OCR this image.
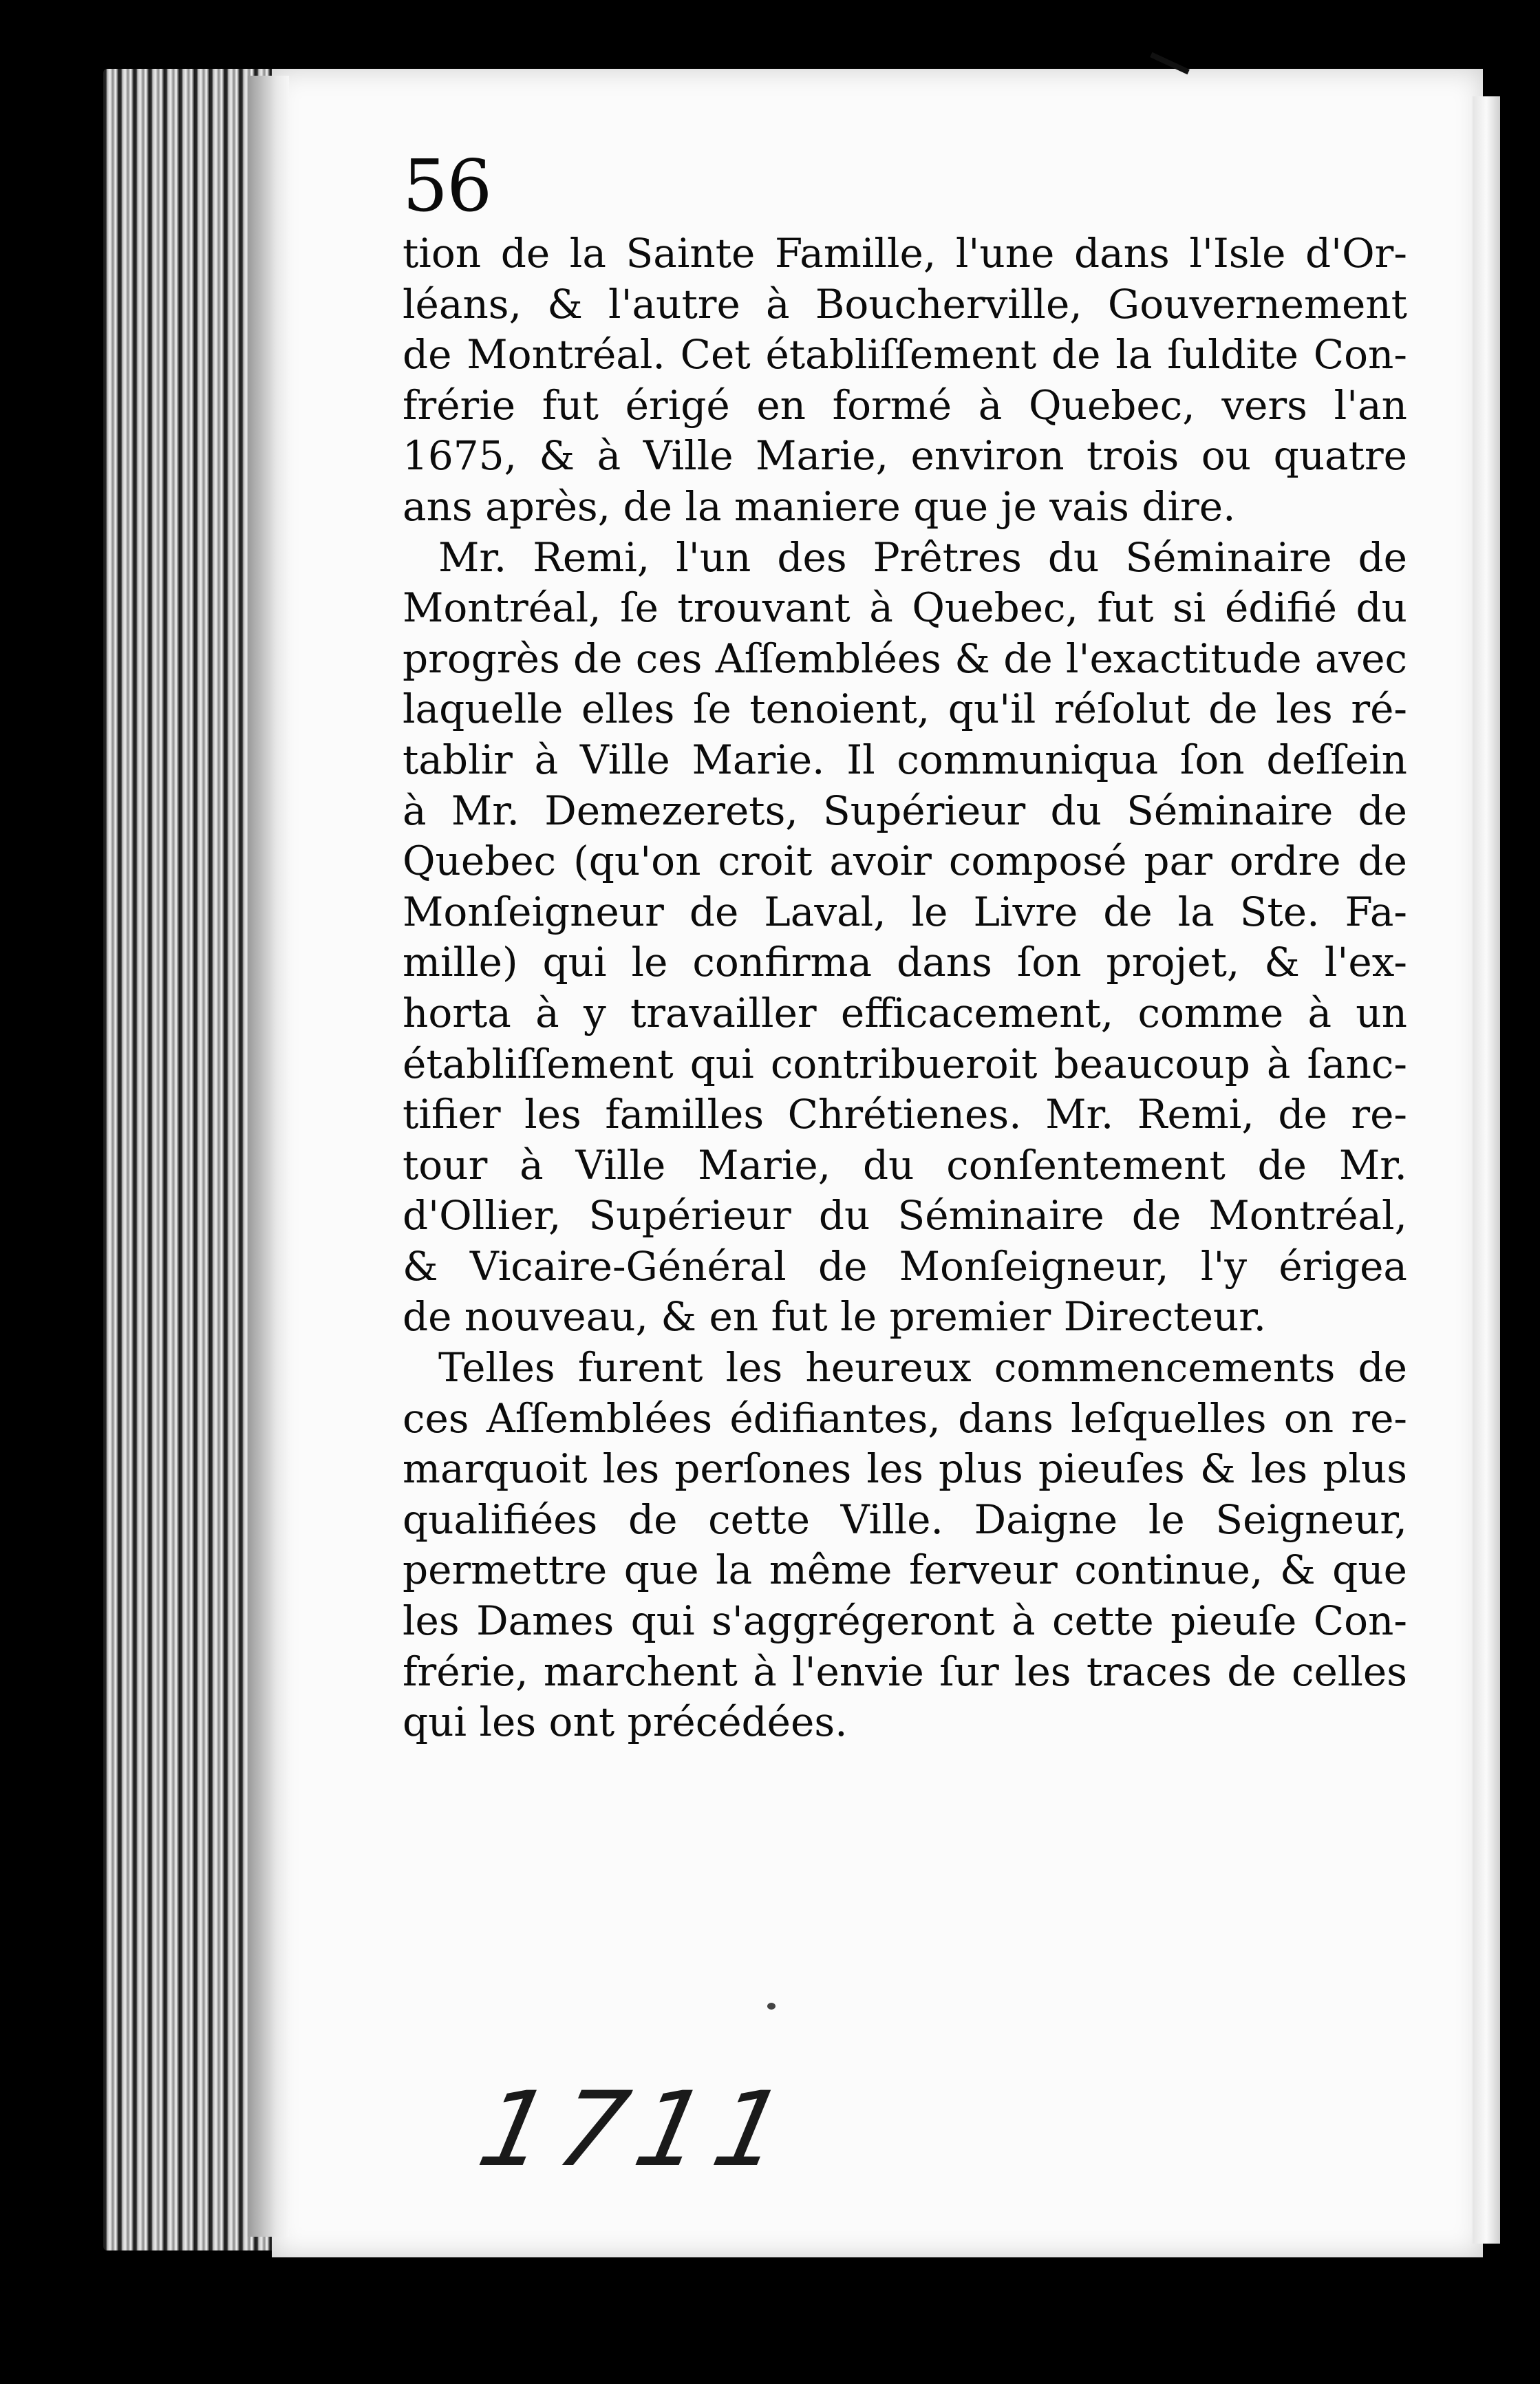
56
tion de la Sainte Famille, l'une dans l'Isle d'Or-
léans, & l'autre à Boucherville, Gouvernement
de Montréal. Cet établiſſement de la ſuldite Con-
frérie fut érigé en formé à Quebec, vers l'an
1675, & à Ville Marie, environ trois ou quatre
ans après, de la maniere que je vais dire.
Mr. Remi, l'un des Prêtres du Séminaire de
Montréal, ſe trouvant à Quebec, fut si édifié du
progrès de ces Aſſemblées & de l'exactitude avec
laquelle elles ſe tenoient, qu'il réſolut de les ré-
tablir à Ville Marie. Il communiqua ſon deſſein
à Mr. Demezerets, Supérieur du Séminaire de
Quebec (qu'on croit avoir composé par ordre de
Monſeigneur de Laval, le Livre de la Ste. Fa-
mille) qui le confirma dans ſon projet, & l'ex-
horta à y travailler efficacement, comme à un
établiſſement qui contribueroit beaucoup à ſanc-
tifier les familles Chrétienes. Mr. Remi, de re-
tour à Ville Marie, du conſentement de Mr.
d'Ollier, Supérieur du Séminaire de Montréal,
& Vicaire-Général de Monſeigneur, l'y érigea
de nouveau, & en fut le premier Directeur.
Telles furent les heureux commencements de
ces Aſſemblées édifiantes, dans leſquelles on re-
marquoit les perſones les plus pieuſes & les plus
qualifiées de cette Ville. Daigne le Seigneur,
permettre que la même ferveur continue, & que
les Dames qui s'aggrégeront à cette pieuſe Con-
frérie, marchent à l'envie ſur les traces de celles
qui les ont précédées.
1711
